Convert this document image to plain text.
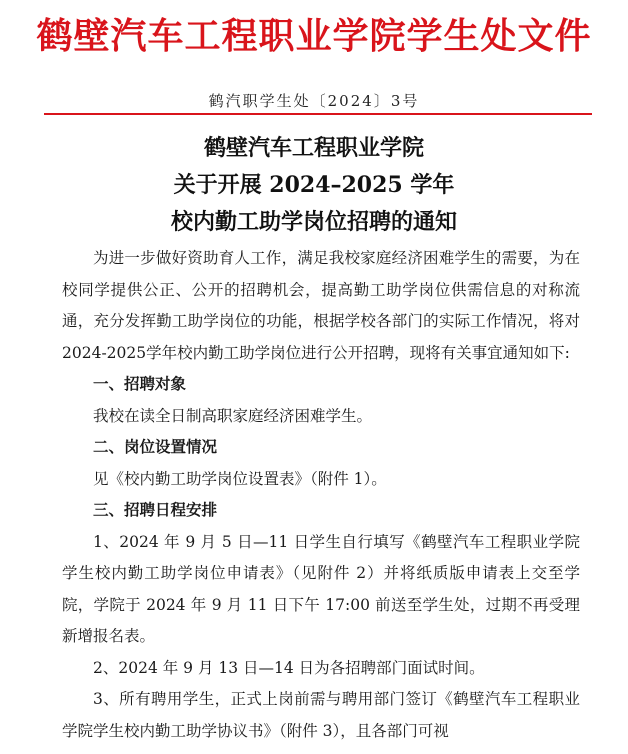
鹤壁汽车工程职业学院学生处文件
鹤汽职学生处〔2024〕3号
鹤壁汽车工程职业学院
关于开展 2024–2025 学年
校内勤工助学岗位招聘的通知

为进一步做好资助育人工作，满足我校家庭经济困难学生的需要，为在校同学提供公正、公开的招聘机会，提高勤工助学岗位供需信息的对称流通，充分发挥勤工助学岗位的功能，根据学校各部门的实际工作情况，将对2024-2025学年校内勤工助学岗位进行公开招聘，现将有关事宜通知如下:

一、招聘对象

我校在读全日制高职家庭经济困难学生。

二、岗位设置情况

见《校内勤工助学岗位设置表》（附件 1）。

三、招聘日程安排

1、2024 年 9 月 5 日—11 日学生自行填写《鹤壁汽车工程职业学院学生校内勤工助学岗位申请表》（见附件 2）并将纸质版申请表上交至学院，学院于 2024 年 9 月 11 日下午 17:00 前送至学生处，过期不再受理新增报名表。

2、2024 年 9 月 13 日—14 日为各招聘部门面试时间。

3、所有聘用学生，正式上岗前需与聘用部门签订《鹤壁汽车工程职业学院学生校内勤工助学协议书》（附件 3），且各部门可视
